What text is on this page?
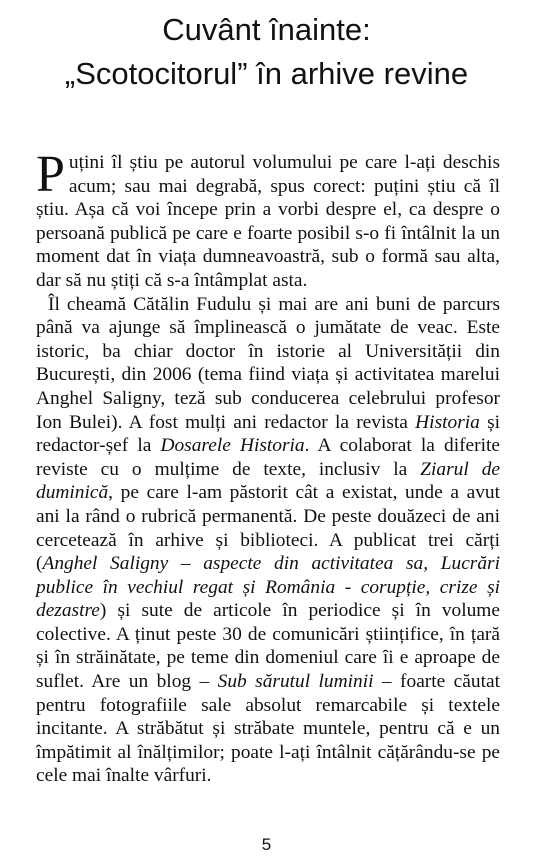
Cuvânt înainte:
„Scotocitorul” în arhive revine

Puțini îl știu pe autorul volumului pe care l-ați deschis acum; sau mai degrabă, spus corect: puțini știu că îl știu. Așa că voi începe prin a vorbi despre el, ca despre o persoană publică pe care e foarte posibil s-o fi întâlnit la un moment dat în viața dumneavoastră, sub o formă sau alta, dar să nu știți că s-a întâmplat asta.

Îl cheamă Cătălin Fudulu și mai are ani buni de parcurs până va ajunge să împlinească o jumătate de veac. Este istoric, ba chiar doctor în istorie al Universității din București, din 2006 (tema fiind viața și activitatea marelui Anghel Saligny, teză sub conducerea celebrului profesor Ion Bulei). A fost mulți ani redactor la revista Historia și redactor-șef la Dosarele Historia. A colaborat la diferite reviste cu o mulțime de texte, inclusiv la Ziarul de duminică, pe care l-am păstorit cât a existat, unde a avut ani la rând o rubrică permanentă. De peste douăzeci de ani cercetează în arhive și biblioteci. A publicat trei cărți (Anghel Saligny – aspecte din activitatea sa, Lucrări publice în vechiul regat și România - corupție, crize și dezastre) și sute de articole în periodice și în volume colective. A ținut peste 30 de comunicări științifice, în țară și în străinătate, pe teme din domeniul care îi e aproape de suflet. Are un blog – Sub sărutul luminii – foarte căutat pentru fotografiile sale absolut remarcabile și textele incitante. A străbătut și străbate muntele, pentru că e un împătimit al înălțimilor; poate l-ați întâlnit cățărându-se pe cele mai înalte vârfuri.

5
